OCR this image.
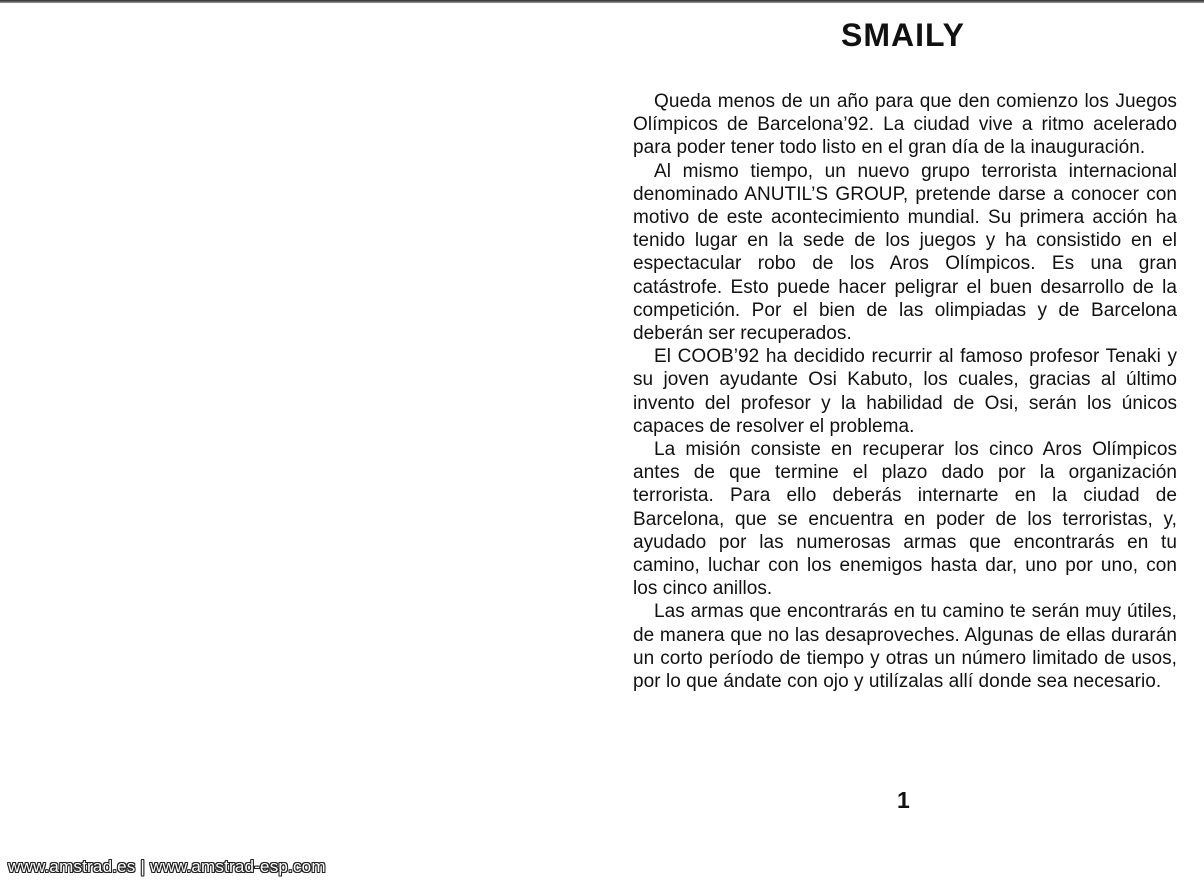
SMAILY

Queda menos de un año para que den comienzo los Juegos Olímpicos de Barcelona’92. La ciudad vive a ritmo acelerado para poder tener todo listo en el gran día de la inauguración.

Al mismo tiempo, un nuevo grupo terrorista internacional denominado ANUTIL’S GROUP, pretende darse a conocer con motivo de este acontecimiento mundial. Su primera acción ha tenido lugar en la sede de los juegos y ha consistido en el espectacular robo de los Aros Olímpicos. Es una gran catástrofe. Esto puede hacer peligrar el buen desarrollo de la competición. Por el bien de las olimpiadas y de Barcelona deberán ser recuperados.

El COOB’92 ha decidido recurrir al famoso profesor Tenaki y su joven ayudante Osi Kabuto, los cuales, gracias al último invento del profesor y la habilidad de Osi, serán los únicos capaces de resolver el problema.

La misión consiste en recuperar los cinco Aros Olímpicos antes de que termine el plazo dado por la organización terrorista. Para ello deberás internarte en la ciudad de Barcelona, que se encuentra en poder de los terroristas, y, ayudado por las numerosas armas que encontrarás en tu camino, luchar con los enemigos hasta dar, uno por uno, con los cinco anillos.

Las armas que encontrarás en tu camino te serán muy útiles, de manera que no las desaproveches. Algunas de ellas durarán un corto período de tiempo y otras un número limitado de usos, por lo que ándate con ojo y utilízalas allí donde sea necesario.

1
www.amstrad.es | www.amstrad-esp.com
